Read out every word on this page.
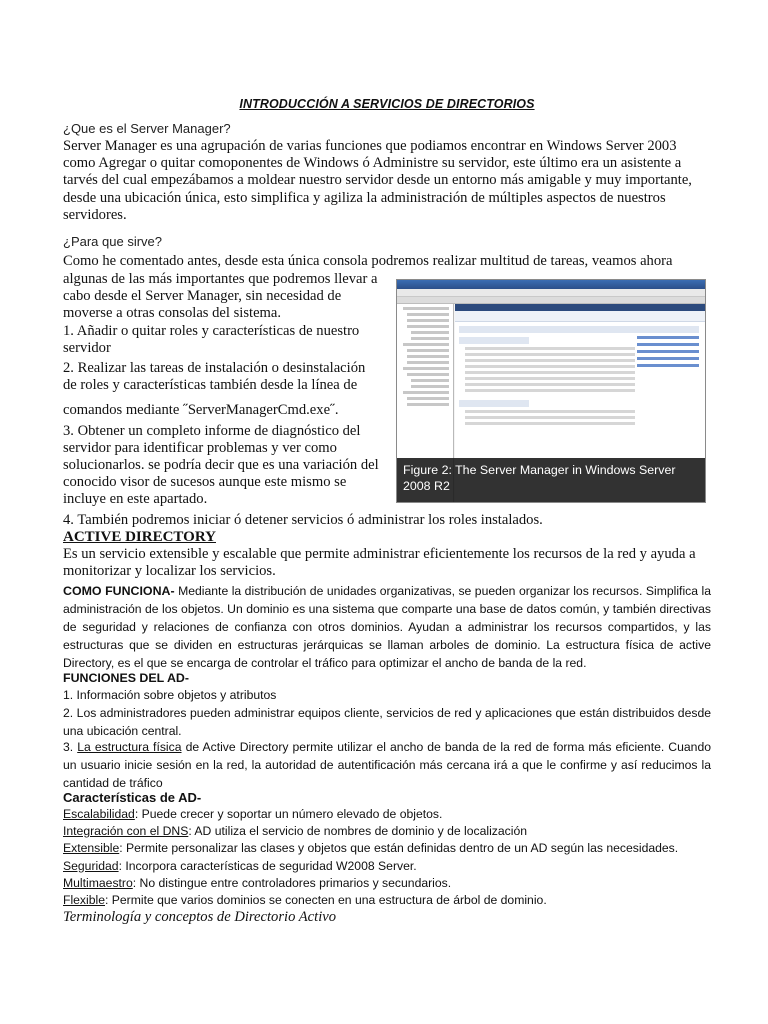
INTRODUCCIÓN A SERVICIOS DE DIRECTORIOS
¿Que es el Server Manager?
Server Manager es una agrupación de varias funciones que podiamos encontrar en Windows Server 2003 como Agregar o quitar comoponentes de Windows ó Administre su servidor, este último era un asistente a tarvés del cual empezábamos a moldear nuestro servidor desde un entorno más amigable y muy importante, desde una ubicación única, esto simplifica y agiliza la administración de múltiples aspectos de nuestros servidores.
¿Para que sirve?
Como he comentado antes, desde esta única consola podremos realizar multitud de tareas, veamos ahora
algunas de las más importantes que podremos llevar a cabo desde el Server Manager, sin necesidad de moverse a otras consolas del sistema.
1. Añadir o quitar roles y características de nuestro servidor
2. Realizar las tareas de instalación o desinstalación de roles y características también desde la línea de
comandos mediante ˝ServerManagerCmd.exe˝.
3. Obtener un completo informe de diagnóstico del servidor para identificar problemas y ver como solucionarlos. se podría decir que es una variación del conocido visor de sucesos aunque este mismo se incluye en este apartado.
Figure 2: The Server Manager in Windows Server 2008 R2
4. También podremos iniciar ó detener servicios ó administrar los roles instalados.
ACTIVE DIRECTORY
Es un servicio extensible y escalable que permite administrar eficientemente los recursos de la red y ayuda a monitorizar y localizar los servicios.
COMO FUNCIONA- Mediante la distribución de unidades organizativas, se pueden organizar los recursos. Simplifica la administración de los objetos. Un dominio es una sistema que comparte una base de datos común, y también directivas de seguridad y relaciones de confianza con otros dominios. Ayudan a administrar los recursos compartidos, y las estructuras que se dividen en estructuras jerárquicas se llaman arboles de dominio. La estructura física de active Directory, es el que se encarga de controlar el tráfico para optimizar el ancho de banda de la red.
FUNCIONES DEL AD-
1. Información sobre objetos y atributos
2. Los administradores pueden administrar equipos cliente, servicios de red y aplicaciones que están distribuidos desde una ubicación central.
3. La estructura física de Active Directory permite utilizar el ancho de banda de la red de forma más eficiente. Cuando un usuario inicie sesión en la red, la autoridad de autentificación más cercana irá a que le confirme y así reducimos la cantidad de tráfico
Características de AD-
Escalabilidad: Puede crecer y soportar un número elevado de objetos.
Integración con el DNS: AD utiliza el servicio de nombres de dominio y de localización
Extensible: Permite personalizar las clases y objetos que están definidas dentro de un AD según las necesidades.
Seguridad: Incorpora características de seguridad W2008 Server.
Multimaestro: No distingue entre controladores primarios y secundarios.
Flexible: Permite que varios dominios se conecten en una estructura de árbol de dominio.
Terminología y conceptos de Directorio Activo
